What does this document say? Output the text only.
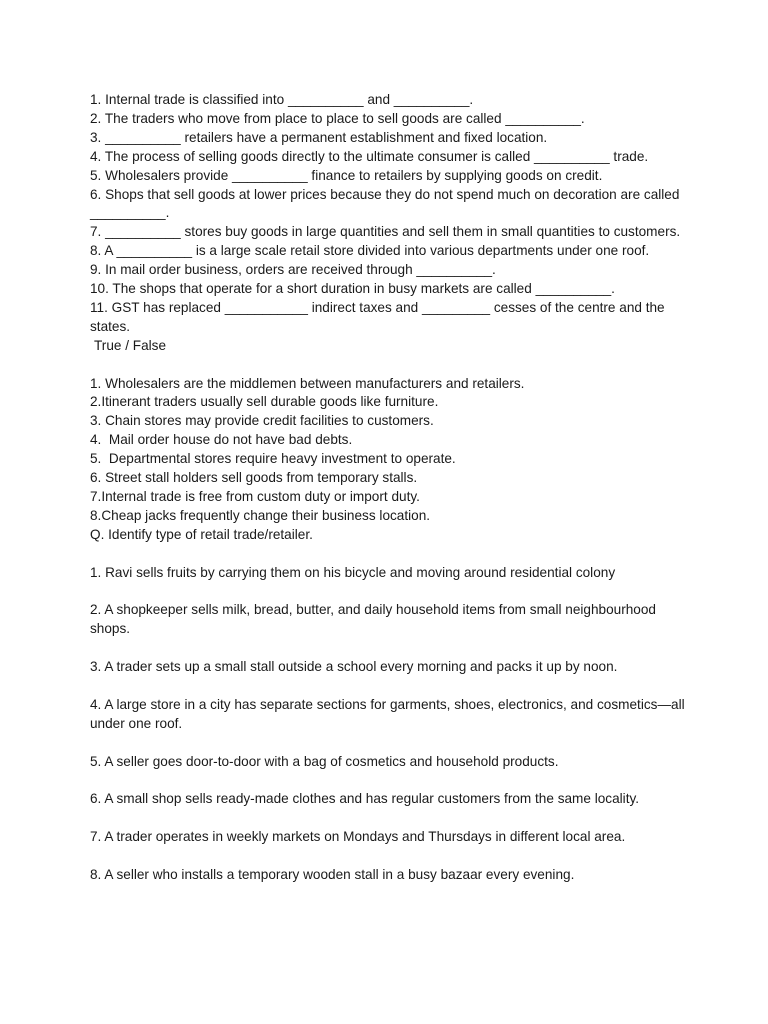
1. Internal trade is classified into __________ and __________.

2. The traders who move from place to place to sell goods are called __________.

3. __________ retailers have a permanent establishment and fixed location.

4. The process of selling goods directly to the ultimate consumer is called __________ trade.

5. Wholesalers provide __________ finance to retailers by supplying goods on credit.

6. Shops that sell goods at lower prices because they do not spend much on decoration are called __________.

7. __________ stores buy goods in large quantities and sell them in small quantities to customers.

8. A __________ is a large scale retail store divided into various departments under one roof.

9. In mail order business, orders are received through __________.

10. The shops that operate for a short duration in busy markets are called __________.

11. GST has replaced ___________ indirect taxes and _________ cesses of the centre and the states.

True / False

1. Wholesalers are the middlemen between manufacturers and retailers.

2.Itinerant traders usually sell durable goods like furniture.

3. Chain stores may provide credit facilities to customers.

4.  Mail order house do not have bad debts.

5.  Departmental stores require heavy investment to operate.

6. Street stall holders sell goods from temporary stalls.

7.Internal trade is free from custom duty or import duty.

8.Cheap jacks frequently change their business location.

Q. Identify type of retail trade/retailer.

1. Ravi sells fruits by carrying them on his bicycle and moving around residential colony

2. A shopkeeper sells milk, bread, butter, and daily household items from small neighbourhood shops.

3. A trader sets up a small stall outside a school every morning and packs it up by noon.

4. A large store in a city has separate sections for garments, shoes, electronics, and cosmetics—all under one roof.

5. A seller goes door-to-door with a bag of cosmetics and household products.

6. A small shop sells ready-made clothes and has regular customers from the same locality.

7. A trader operates in weekly markets on Mondays and Thursdays in different local area.

8. A seller who installs a temporary wooden stall in a busy bazaar every evening.
